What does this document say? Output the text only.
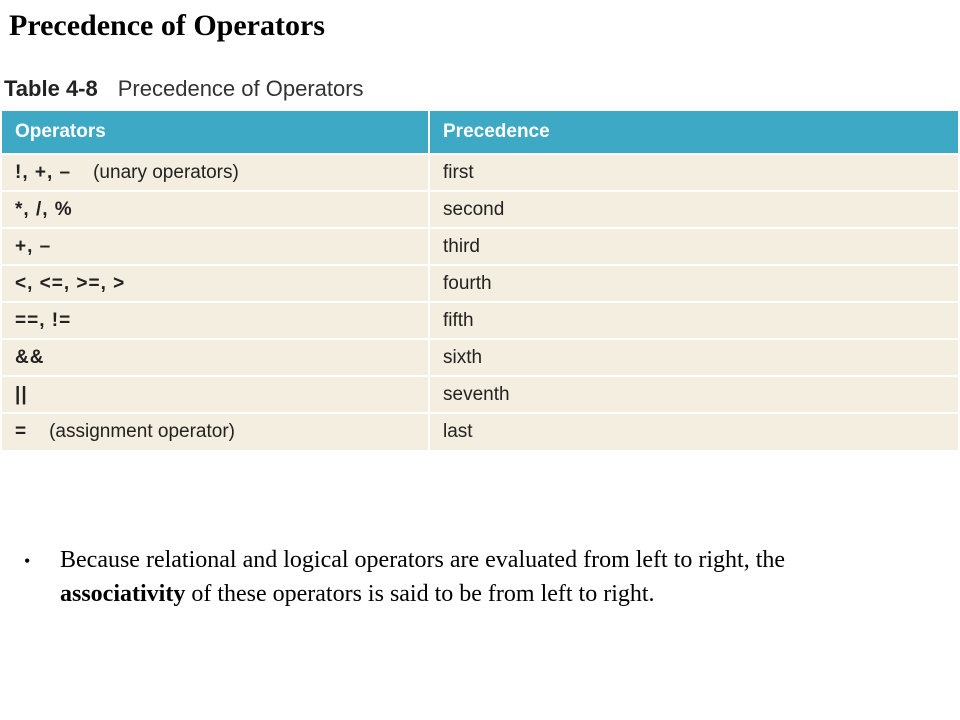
Precedence of Operators
Table 4-8 Precedence of Operators
Operators	Precedence
!, +, – (unary operators)	first
*, /, %	second
+, –	third
<, <=, >=, >	fourth
==, !=	fifth
&&	sixth
||	seventh
= (assignment operator)	last
•	Because relational and logical operators are evaluated from left to right, the associativity of these operators is said to be from left to right.
